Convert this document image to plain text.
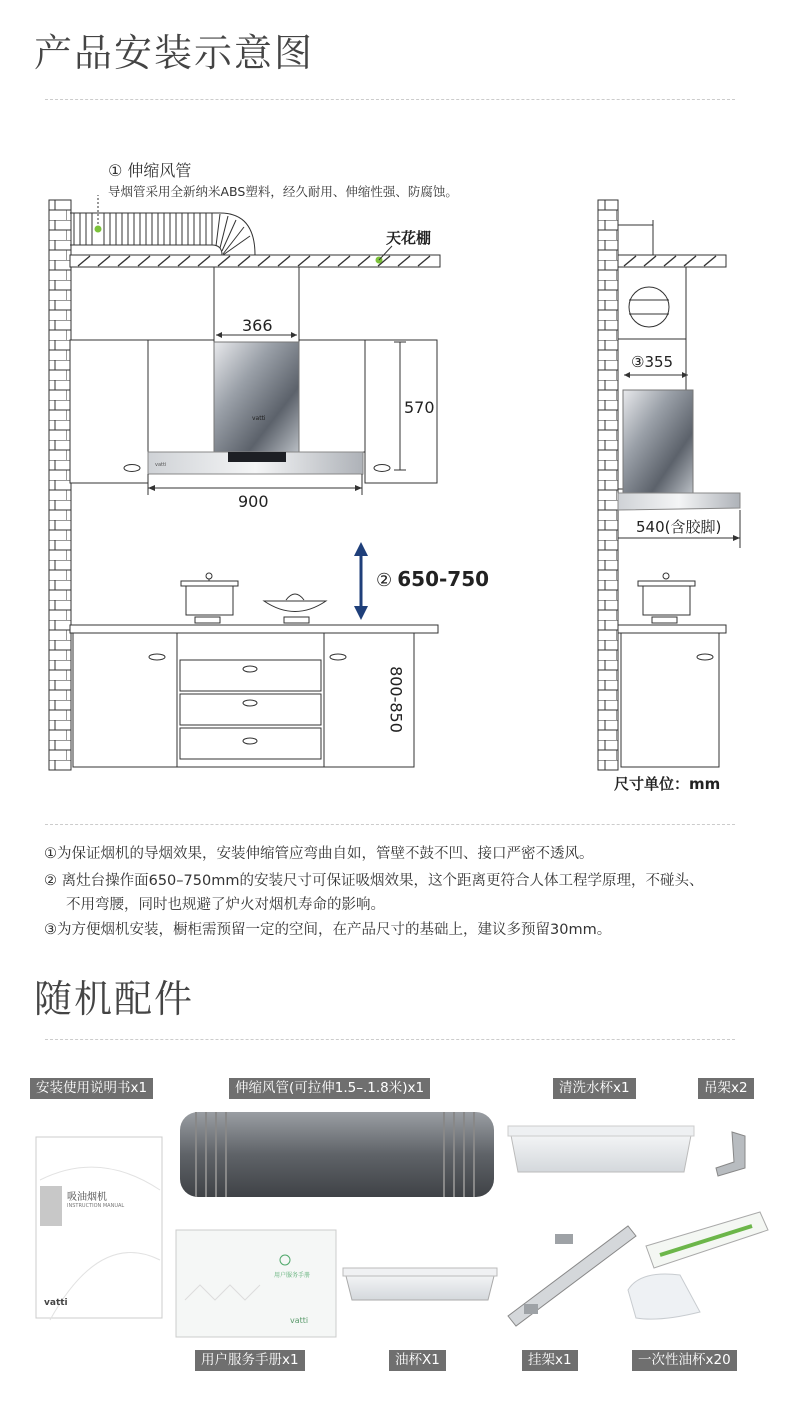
产品安装示意图
① 伸缩风管
导烟管采用全新纳米ABS塑料，经久耐用、伸缩性强、防腐蚀。
vatti
vatti
天花棚
366
570
900
② 650-750
800-850
③355
540(含胶脚)
尺寸单位：mm
①为保证烟机的导烟效果，安装伸缩管应弯曲自如，管壁不鼓不凹、接口严密不透风。
② 离灶台操作面650–750mm的安装尺寸可保证吸烟效果，这个距离更符合人体工程学原理，不碰头、
不用弯腰，同时也规避了炉火对烟机寿命的影响。
③为方便烟机安装，橱柜需预留一定的空间，在产品尺寸的基础上，建议多预留30mm。
随机配件
安装使用说明书x1	伸缩风管(可拉伸1.5–.1.8米)x1	清洗水杯x1	吊架x2
吸油烟机
INSTRUCTION MANUAL
vatti
用户服务手册
vatti
用户服务手册x1	油杯X1	挂架x1	一次性油杯x20
